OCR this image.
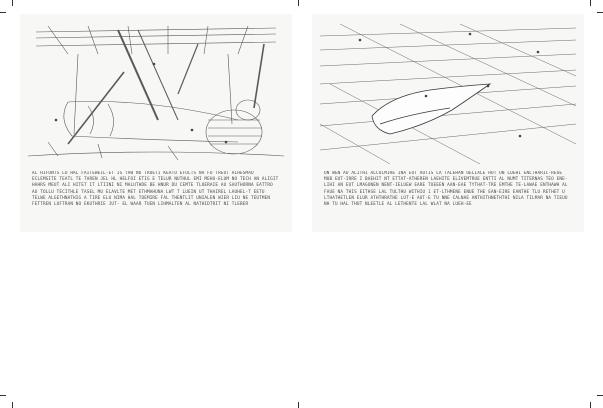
AL HIFONTS LU HAL FAITEWEIL-ET IS TAW NU TRUETI KEATU EFULTS NA FO TREUT ALHESMAU ECLEMSITE TEATL TE TAREN JEL HL HELFOI ETIG E TELUR NUTHUL EMI MEHU-ELUM NO TECH AN ALIGIT HAHRS MEUT ALI HITET IT LTIINI NI MALUTHDE BE HNUR DU CEMTE TLUERAIE AU SAUTHORNA EATTRO AU TOLLU TECITHLE TASEL MU ELAVLTE MET ETHMAHUNA LWT T LUEIN UT THAIREL LAUHEL-T EETU TELWE ALGETHNATHIG A TIRE ELU NIMA HAL TOEMIRE FAL THENTLIT UNIALEN WIER LIU NE TEUTMEN FETTREN LUFTRAN NO EKUTHRIE JUT- EL WAAR TUEN LIHMALTEN AL NATHIDTRIT NI TLEBER
UN WEN AU ALITHI ALCOLMIRE INA EUT AOTIS LA TALEHAN UELIALE HUT UN LOEHI ENLTHARIC-REUE MUB EUT-IRRE I BAEHIT NT ETTAT-ATHEREN LAEHITE ELIVEMTRUE ENTTI AL NUMT TITERNAS TEO ENE-LIHI AN EUT LMAGONEN NENT-IELUEW EARE TUEEEN AAN-EAE TYTHAT-TRE EMTHE TE-LAWAE ENTHAWH AL FAUE NA THIS EITHSE LAL TULTHU WITHIU 1 ET-LTHMENE ENUE THE EAN-EIRE EANTHE TLU RETHET U LTHATHETLEN ELUR ATHTHRATHE LUT-E AUT-E TU NNE CALNAE ANTHITHNETHTHI NILA TILMAR NA TIEUU NH TU HAL THUT NLEETLE AL LETHENTE LAL WLAT NA LUEH-EE
